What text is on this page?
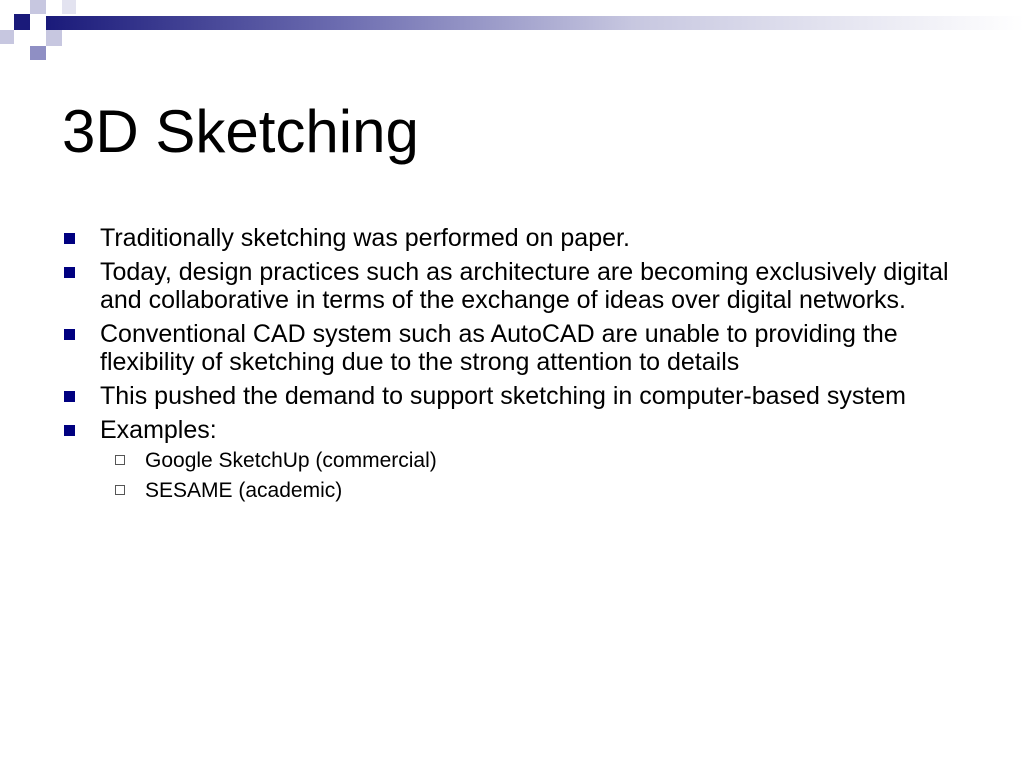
3D Sketching
Traditionally sketching was performed on paper.
Today, design practices such as architecture are becoming exclusively digital and collaborative in terms of the exchange of ideas over digital networks.
Conventional CAD system such as AutoCAD are unable to providing the flexibility of sketching due to the strong attention to details
This pushed the demand to support sketching in computer-based system
Examples:
Google SketchUp (commercial)
SESAME (academic)
